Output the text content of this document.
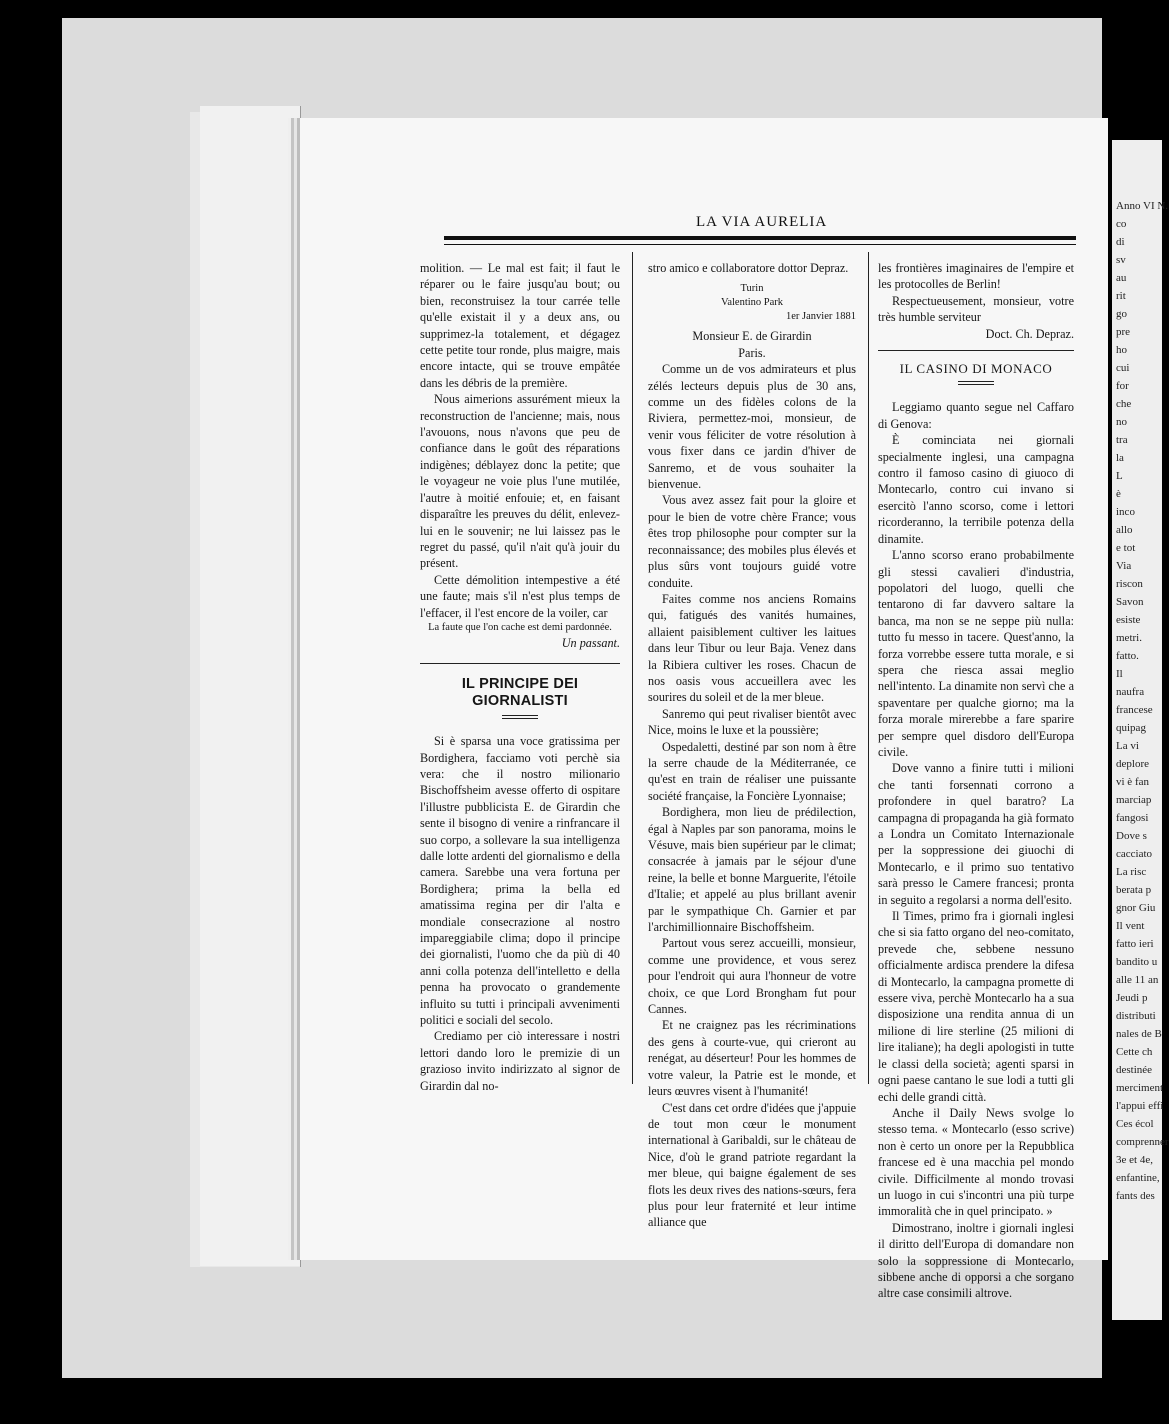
Anno VI N.
co
di
sv
au
rit
go
pre
ho
cui
for
che
no
tra
la
L
è
inco
allo
e tot
Via
riscon
Savon
esiste
metri.
fatto.
Il
naufra
francese
quipag
La vi
deplore
vi è fan
marciap
fangosi
Dove s
cacciato
La risc
berata p
gnor Giu
Il vent
fatto ieri
bandito u
alle 11 an
Jeudi p
distributi
nales de B
Cette ch
destinée
merciment
l'appui effi
Ces écol
comprenner
3e et 4e,
enfantine,
fants des
LA VIA AURELIA

molition. — Le mal est fait; il faut le réparer ou le faire jusqu'au bout; ou bien, reconstruisez la tour carrée telle qu'elle existait il y a deux ans, ou supprimez-la totalement, et dégagez cette petite tour ronde, plus maigre, mais encore intacte, qui se trouve empâtée dans les débris de la première.

Nous aimerions assurément mieux la reconstruction de l'ancienne; mais, nous l'avouons, nous n'avons que peu de confiance dans le goût des réparations indigènes; déblayez donc la petite; que le voyageur ne voie plus l'une mutilée, l'autre à moitié enfouie; et, en faisant disparaître les preuves du délit, enlevez-lui en le souvenir; ne lui laissez pas le regret du passé, qu'il n'ait qu'à jouir du présent.

Cette démolition intempestive a été une faute; mais s'il n'est plus temps de l'effacer, il l'est encore de la voiler, car

La faute que l'on cache est demi pardonnée.

Un passant.

IL PRINCIPE DEI GIORNALISTI

Si è sparsa una voce gratissima per Bordighera, facciamo voti perchè sia vera: che il nostro milionario Bischoffsheim avesse offerto di ospitare l'illustre pubblicista E. de Girardin che sente il bisogno di venire a rinfrancare il suo corpo, a sollevare la sua intelligenza dalle lotte ardenti del giornalismo e della camera. Sarebbe una vera fortuna per Bordighera; prima la bella ed amatissima regina per dir l'alta e mondiale consecrazione al nostro impareggiabile clima; dopo il principe dei giornalisti, l'uomo che da più di 40 anni colla potenza dell'intelletto e della penna ha provocato o grandemente influito su tutti i principali avvenimenti politici e sociali del secolo.

Crediamo per ciò interessare i nostri lettori dando loro le premizie di un grazioso invito indirizzato al signor de Girardin dal no-

stro amico e collaboratore dottor Depraz.

Turin

Valentino Park

1er Janvier 1881

Monsieur E. de Girardin

Paris.

Comme un de vos admirateurs et plus zélés lecteurs depuis plus de 30 ans, comme un des fidèles colons de la Riviera, permettez-moi, monsieur, de venir vous féliciter de votre résolution à vous fixer dans ce jardin d'hiver de Sanremo, et de vous souhaiter la bienvenue.

Vous avez assez fait pour la gloire et pour le bien de votre chère France; vous êtes trop philosophe pour compter sur la reconnaissance; des mobiles plus élevés et plus sûrs vont toujours guidé votre conduite.

Faites comme nos anciens Romains qui, fatigués des vanités humaines, allaient paisiblement cultiver les laitues dans leur Tibur ou leur Baja. Venez dans la Ribiera cultiver les roses. Chacun de nos oasis vous accueillera avec les sourires du soleil et de la mer bleue.

Sanremo qui peut rivaliser bientôt avec Nice, moins le luxe et la poussière;

Ospedaletti, destiné par son nom à être la serre chaude de la Méditerranée, ce qu'est en train de réaliser une puissante société française, la Foncière Lyonnaise;

Bordighera, mon lieu de prédilection, égal à Naples par son panorama, moins le Vésuve, mais bien supérieur par le climat; consacrée à jamais par le séjour d'une reine, la belle et bonne Marguerite, l'étoile d'Italie; et appelé au plus brillant avenir par le sympathique Ch. Garnier et par l'archimillionnaire Bischoffsheim.

Partout vous serez accueilli, monsieur, comme une providence, et vous serez pour l'endroit qui aura l'honneur de votre choix, ce que Lord Brongham fut pour Cannes.

Et ne craignez pas les récriminations des gens à courte-vue, qui crieront au renégat, au déserteur! Pour les hommes de votre valeur, la Patrie est le monde, et leurs œuvres visent à l'humanité!

C'est dans cet ordre d'idées que j'appuie de tout mon cœur le monument international à Garibaldi, sur le château de Nice, d'où le grand patriote regardant la mer bleue, qui baigne également de ses flots les deux rives des nations-sœurs, fera plus pour leur fraternité et leur intime alliance que

les frontières imaginaires de l'empire et les protocolles de Berlin!

Respectueusement, monsieur, votre très humble serviteur

Doct. Ch. Depraz.

IL CASINO DI MONACO

Leggiamo quanto segue nel Caffaro di Genova:

È cominciata nei giornali specialmente inglesi, una campagna contro il famoso casino di giuoco di Montecarlo, contro cui invano si esercitò l'anno scorso, come i lettori ricorderanno, la terribile potenza della dinamite.

L'anno scorso erano probabilmente gli stessi cavalieri d'industria, popolatori del luogo, quelli che tentarono di far davvero saltare la banca, ma non se ne seppe più nulla: tutto fu messo in tacere. Quest'anno, la forza vorrebbe essere tutta morale, e si spera che riesca assai meglio nell'intento. La dinamite non servì che a spaventare per qualche giorno; ma la forza morale mirerebbe a fare sparire per sempre quel disdoro dell'Europa civile.

Dove vanno a finire tutti i milioni che tanti forsennati corrono a profondere in quel baratro? La campagna di propaganda ha già formato a Londra un Comitato Internazionale per la soppressione dei giuochi di Montecarlo, e il primo suo tentativo sarà presso le Camere francesi; pronta in seguito a regolarsi a norma dell'esito.

Il Times, primo fra i giornali inglesi che si sia fatto organo del neo-comitato, prevede che, sebbene nessuno officialmente ardisca prendere la difesa di Montecarlo, la campagna promette di essere viva, perchè Montecarlo ha a sua disposizione una rendita annua di un milione di lire sterline (25 milioni di lire italiane); ha degli apologisti in tutte le classi della società; agenti sparsi in ogni paese cantano le sue lodi a tutti gli echi delle grandi città.

Anche il Daily News svolge lo stesso tema. « Montecarlo (esso scrive) non è certo un onore per la Repubblica francese ed è una macchia pel mondo civile. Difficilmente al mondo trovasi un luogo in cui s'incontri una più turpe immoralità che in quel principato. »

Dimostrano, inoltre i giornali inglesi il diritto dell'Europa di domandare non solo la soppressione di Montecarlo, sibbene anche di opporsi a che sorgano altre case consimili altrove.
